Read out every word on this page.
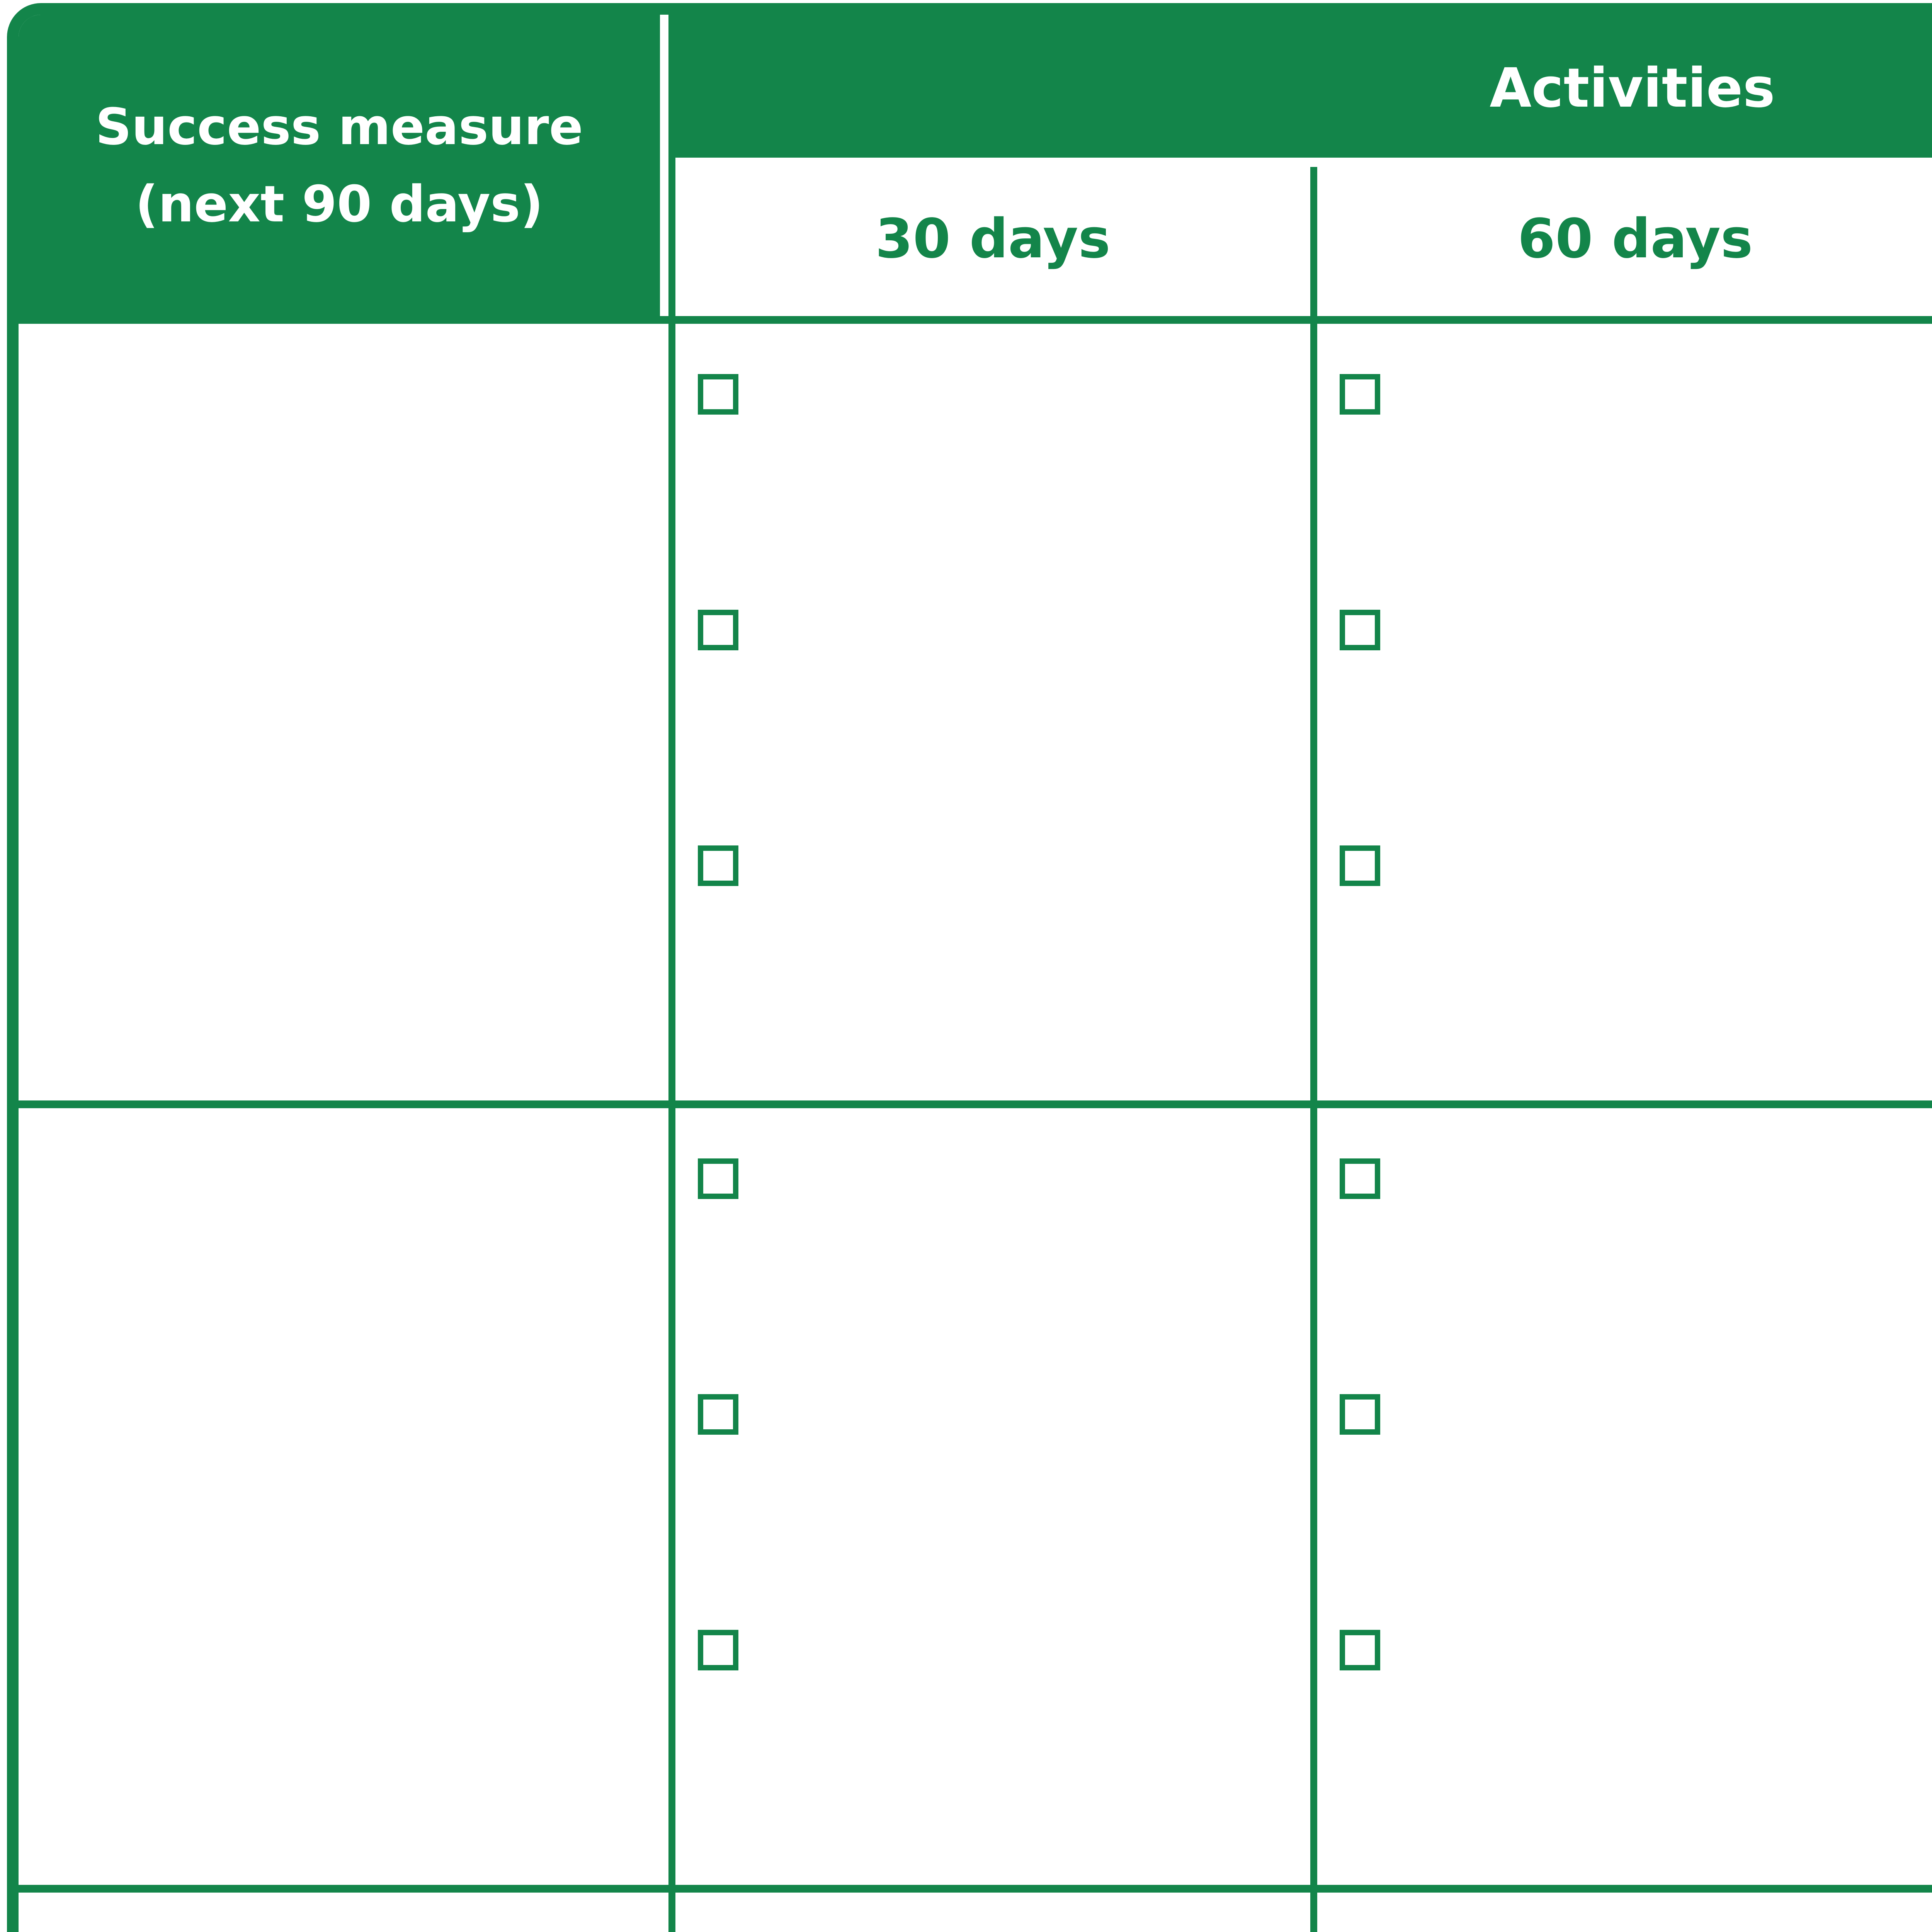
Success measure
(next 90 days)
Activities
30 days	60 days
